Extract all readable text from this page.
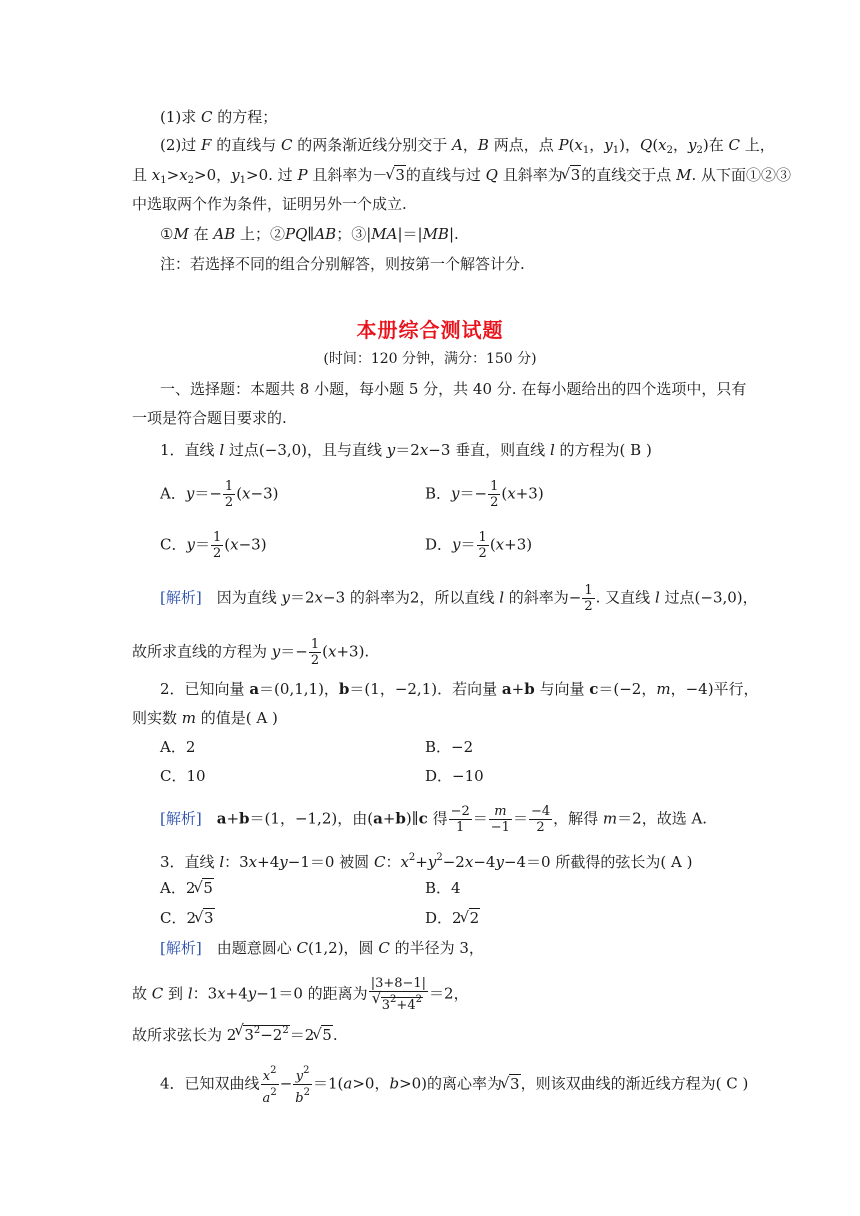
(1)求 C 的方程；
(2)过 F 的直线与 C 的两条渐近线分别交于 A，B 两点，点 $P(x_1$，$y_1$)，$Q(x_2$，$y_2$)在 C 上，
且 $x_1>x_2>0$，$y_1>0$. 过 P 且斜率为－√ 3的直线与过 Q 且斜率为√ 3的直线交于点 M. 从下面①②③
中选取两个作为条件，证明另外一个成立.
①M 在 AB 上；②PQ∥AB；③|MA|＝|MB|.
注：若选择不同的组合分别解答，则按第一个解答计分.
本册综合测试题
(时间：120 分钟，满分：150 分)
一、选择题：本题共 8 小题，每小题 5 分，共 40 分. 在每小题给出的四个选项中，只有
一项是符合题目要求的.
1．直线 l 过点(−3,0)，且与直线 y＝2x−3 垂直，则直线 l 的方程为( B )
A．$y=- \frac{1}{2} (x-3)$	B．$y=- \frac{1}{2} (x+3)$
C．$y= \frac{1}{2} (x-3)$	D．$y= \frac{1}{2} (x+3)$
[解析]　因为直线 y＝2x−3 的斜率为2，所以直线 l 的斜率为− $\frac{1}{2}$ . 又直线 l 过点(−3,0)，
故所求直线的方程为 $y=- \frac{1}{2} (x+3)$.
2．已知向量 a＝(0,1,1)，b＝(1，−2,1)．若向量 a+b 与向量 c＝(−2，m，−4)平行，
则实数 m 的值是( A )
A．2	B．−2
C．10	D．−10
[解析]　 a+b＝(1，−1,2)，由(a+b)∥c 得 $\frac{-2}{1} = \frac{m}{-1} = \frac{-4}{2}$ ，解得 m＝2，故选 A.
3．直线 l：3x+4y−1＝0 被圆 C：$x^2+y^2-2x-4y-4=0$ 所截得的弦长为( A )
A．2√ 5	B．4
C．2√ 3	D．2√ 2
[解析]　由题意圆心 C(1,2)，圆 C 的半径为 3，
故 C 到 l：3x+4y−1＝0 的距离为 |3+8−1|
√ $3^2+4^2 =2$，
故所求弦长为 2√ $3^2-2^2=2√$ 5.
4．已知双曲线 $\frac{x^2}{a^2} - \frac{y^2}{b^2} =1(a>0$，b>0)的离心率为√ 3，则该双曲线的渐近线方程为( C )
